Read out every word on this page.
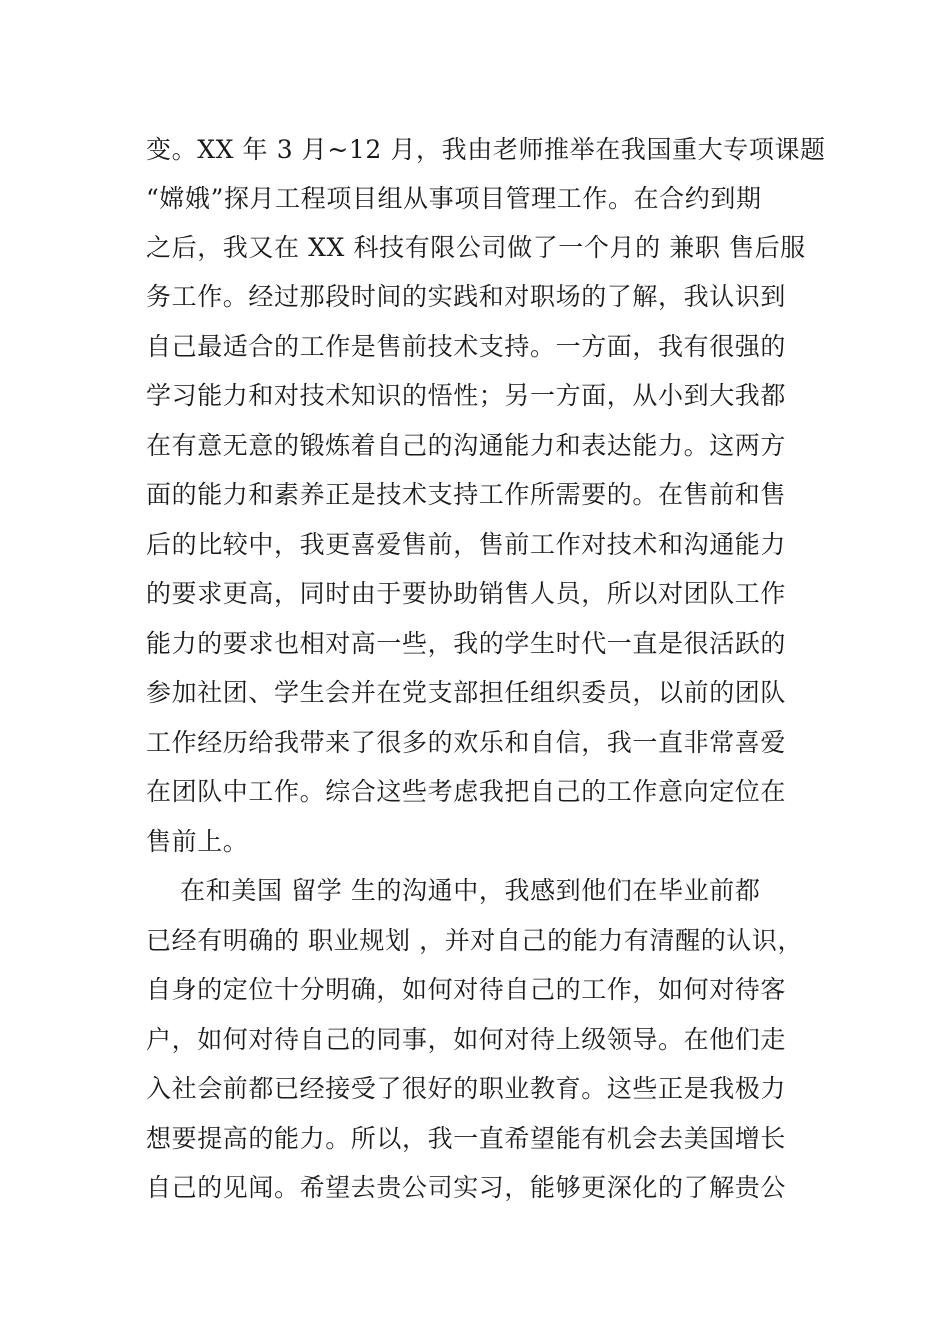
变。XX 年 3 月~12 月，我由老师推举在我国重大专项课题
“嫦娥”探月工程项目组从事项目管理工作。在合约到期
之后，我又在 XX 科技有限公司做了一个月的 兼职 售后服
务工作。经过那段时间的实践和对职场的了解，我认识到
自己最适合的工作是售前技术支持。一方面，我有很强的
学习能力和对技术知识的悟性；另一方面，从小到大我都
在有意无意的锻炼着自己的沟通能力和表达能力。这两方
面的能力和素养正是技术支持工作所需要的。在售前和售
后的比较中，我更喜爱售前，售前工作对技术和沟通能力
的要求更高，同时由于要协助销售人员，所以对团队工作
能力的要求也相对高一些，我的学生时代一直是很活跃的
参加社团、学生会并在党支部担任组织委员，以前的团队
工作经历给我带来了很多的欢乐和自信，我一直非常喜爱
在团队中工作。综合这些考虑我把自己的工作意向定位在
售前上。
在和美国 留学 生的沟通中，我感到他们在毕业前都
已经有明确的 职业规划 ，并对自己的能力有清醒的认识，
自身的定位十分明确，如何对待自己的工作，如何对待客
户，如何对待自己的同事，如何对待上级领导。在他们走
入社会前都已经接受了很好的职业教育。这些正是我极力
想要提高的能力。所以，我一直希望能有机会去美国增长
自己的见闻。希望去贵公司实习，能够更深化的了解贵公
